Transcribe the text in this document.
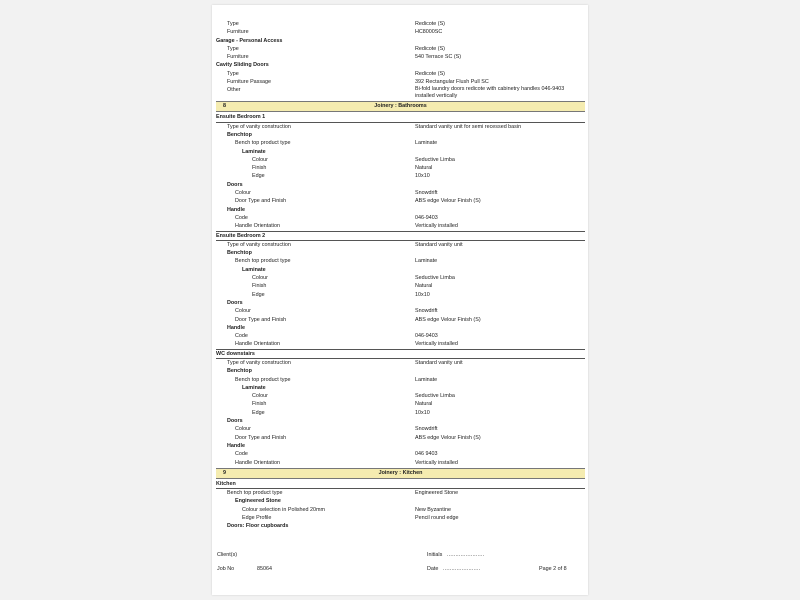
Type	Redicote (S)
Furniture	HC8000SC
Garage - Personal Access
Type	Redicote (S)
Furniture	540 Terrace SC (S)
Cavity Sliding Doors
Type	Redicote (S)
Furniture Passage	392 Rectangular Flush Pull SC
Other	Bi-fold laundry doors redicote with cabinetry handles 046-9403 installed vertically
8	Joinery : Bathrooms
Ensuite Bedroom 1
Type of vanity construction	Standard vanity unit for semi recessed basin
Benchtop
Bench top product type	Laminate
Laminate
Colour	Seductive Limba
Finish	Natural
Edge	10x10
Doors
Colour	Snowdrift
Door Type and Finish	ABS edge Velour Finish (S)
Handle
Code	046-9403
Handle Orientation	Vertically installed
Ensuite Bedroom 2
Type of vanity construction	Standard vanity unit
Benchtop
Bench top product type	Laminate
Laminate
Colour	Seductive Limba
Finish	Natural
Edge	10x10
Doors
Colour	Snowdrift
Door Type and Finish	ABS edge Velour Finish (S)
Handle
Code	046-9403
Handle Orientation	Vertically installed
WC downstairs
Type of vanity construction	Standard vanity unit
Benchtop
Bench top product type	Laminate
Laminate
Colour	Seductive Limba
Finish	Natural
Edge	10x10
Doors
Colour	Snowdrift
Door Type and Finish	ABS edge Velour Finish (S)
Handle
Code	046 9403
Handle Orientation	Vertically installed
9	Joinery : Kitchen
Kitchen
Bench top product type	Engineered Stone
Engineered Stone
Colour selection in Polished 20mm	New Byzantine
Edge Profile	Pencil round edge
Doors: Floor cupboards
Client(s)	Initials ......................
Job No	85064	Date ......................	Page 2 of 8
